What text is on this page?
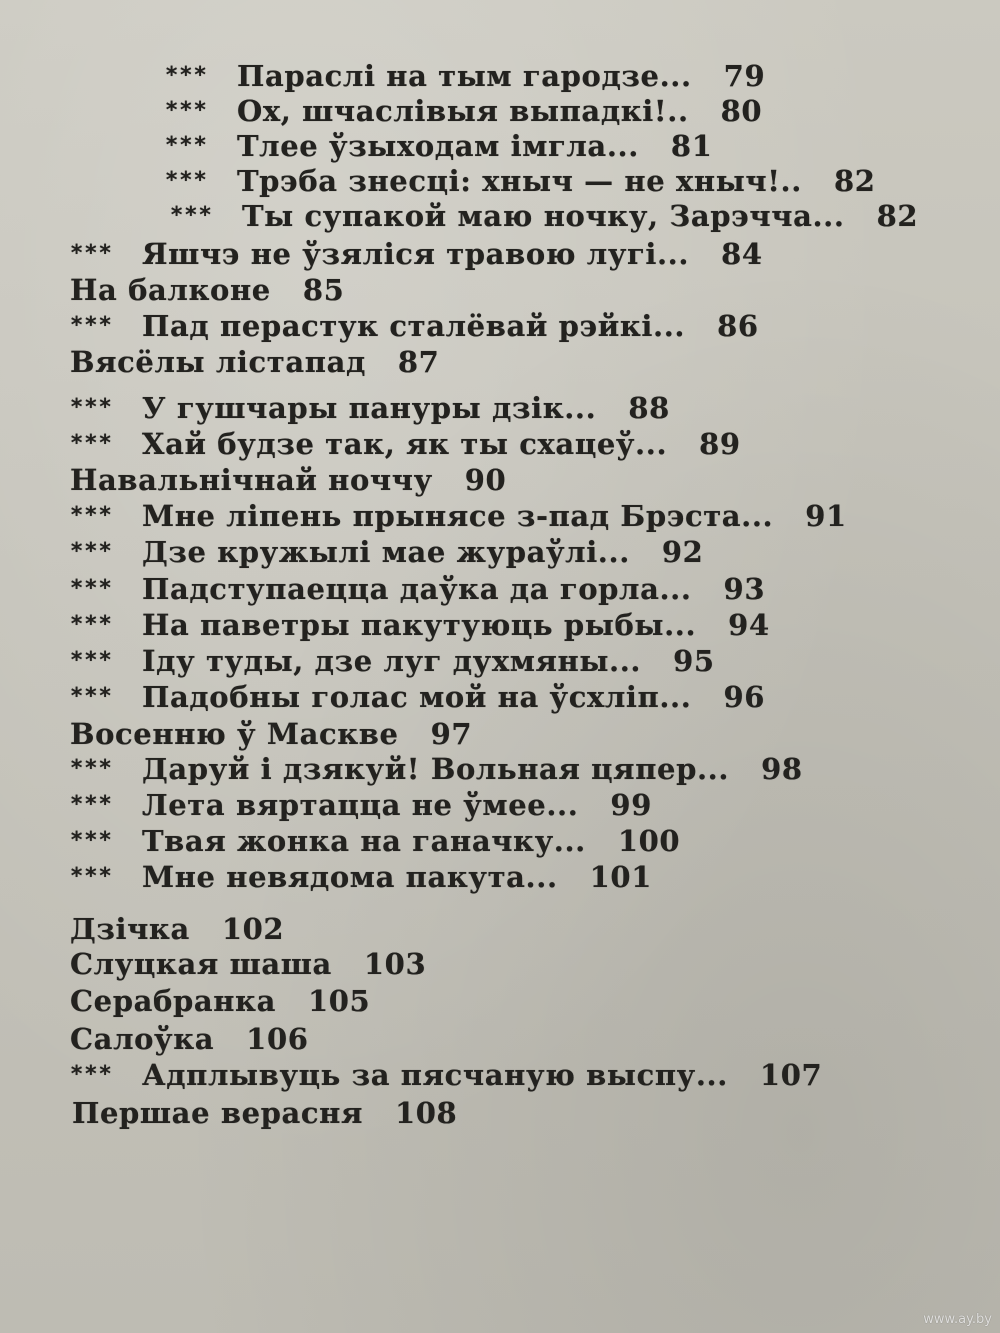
*** Параслі на тым гародзе... 79
*** Ох, шчаслівыя выпадкі!.. 80
*** Тлее ўзыходам імгла... 81
*** Трэба знесці: хныч — не хныч!.. 82
*** Ты супакой маю ночку, Зарэчча... 82
*** Яшчэ не ўзяліся травою лугі... 84
На балконе 85
*** Пад перастук сталёвай рэйкі... 86
Вясёлы лістапад 87
*** У гушчары пануры дзік... 88
*** Хай будзе так, як ты схацеў... 89
Навальнічнай ноччу 90
*** Мне ліпень прынясе з-пад Брэста... 91
*** Дзе кружылі мае жураўлі... 92
*** Падступаецца даўка да горла... 93
*** На паветры пакутуюць рыбы... 94
*** Іду туды, дзе луг духмяны... 95
*** Падобны голас мой на ўсхліп... 96
Восенню ў Маскве 97
*** Даруй і дзякуй! Вольная цяпер... 98
*** Лета вяртацца не ўмее... 99
*** Твая жонка на ганачку... 100
*** Мне невядома пакута... 101
Дзічка 102
Слуцкая шаша 103
Серабранка 105
Салоўка 106
*** Адплывуць за пясчаную выспу... 107
Першае верасня 108
www.ay.by
